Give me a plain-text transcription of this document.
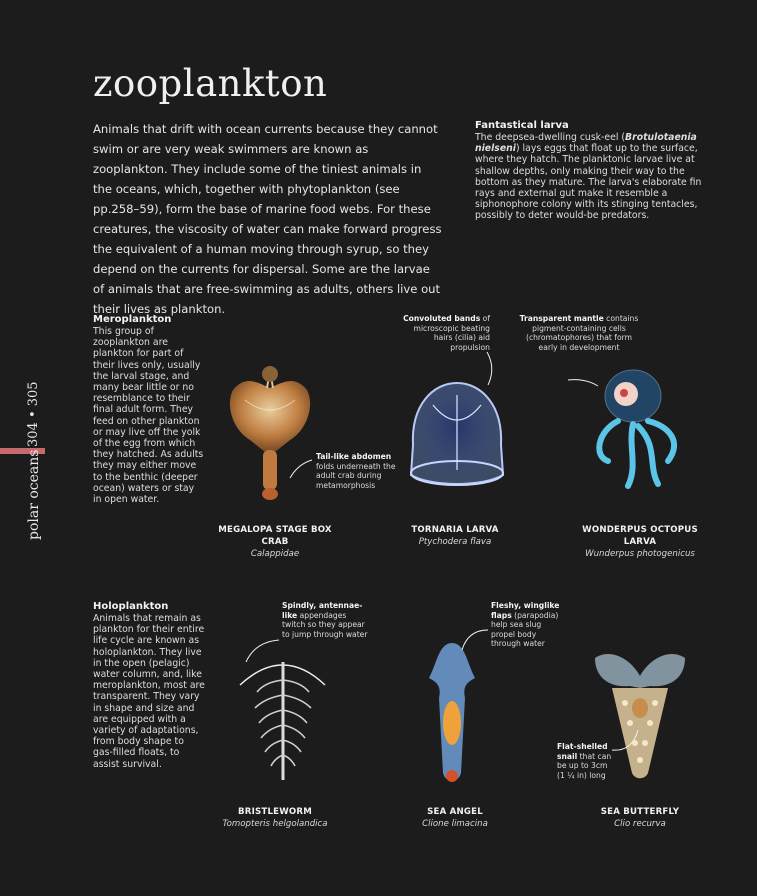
zooplankton
Animals that drift with ocean currents because they cannot swim or are very weak swimmers are known as zooplankton. They include some of the tiniest animals in the oceans, which, together with phytoplankton (see pp.258–59), form the base of marine food webs. For these creatures, the viscosity of water can make forward progress the equivalent of a human moving through syrup, so they depend on the currents for dispersal. Some are the larvae of animals that are free-swimming as adults, others live out their lives as plankton.
Fantastical larva
The deepsea-dwelling cusk-eel (Brotulotaenia nielseni) lays eggs that float up to the surface, where they hatch. The planktonic larvae live at shallow depths, only making their way to the bottom as they mature. The larva's elaborate fin rays and external gut make it resemble a siphonophore colony with its stinging tentacles, possibly to deter would-be predators.
304 • 305
polar oceans
Meroplankton
This group of zooplankton are plankton for part of their lives only, usually the larval stage, and many bear little or no resemblance to their final adult form. They feed on other plankton or may live off the yolk of the egg from which they hatched. As adults they may either move to the benthic (deeper ocean) waters or stay in open water.
Holoplankton
Animals that remain as plankton for their entire life cycle are known as holoplankton. They live in the open (pelagic) water column, and, like meroplankton, most are transparent. They vary in shape and size and are equipped with a variety of adaptations, from body shape to gas-filled floats, to assist survival.
Tail-like abdomen folds underneath the adult crab during metamorphosis
Convoluted bands of microscopic beating hairs (cilia) aid propulsion
Transparent mantle contains pigment-containing cells (chromatophores) that form early in development
Spindly, antennae-like appendages twitch so they appear to jump through water
Fleshy, winglike flaps (parapodia) help sea slug propel body through water
Flat-shelled snail that can be up to 3cm (1 ¼ in) long
MEGALOPA STAGE BOX CRAB
Calappidae
TORNARIA LARVA
Ptychodera flava
WONDERPUS OCTOPUS LARVA
Wunderpus photogenicus
BRISTLEWORM
Tomopteris helgolandica
SEA ANGEL
Clione limacina
SEA BUTTERFLY
Clio recurva
